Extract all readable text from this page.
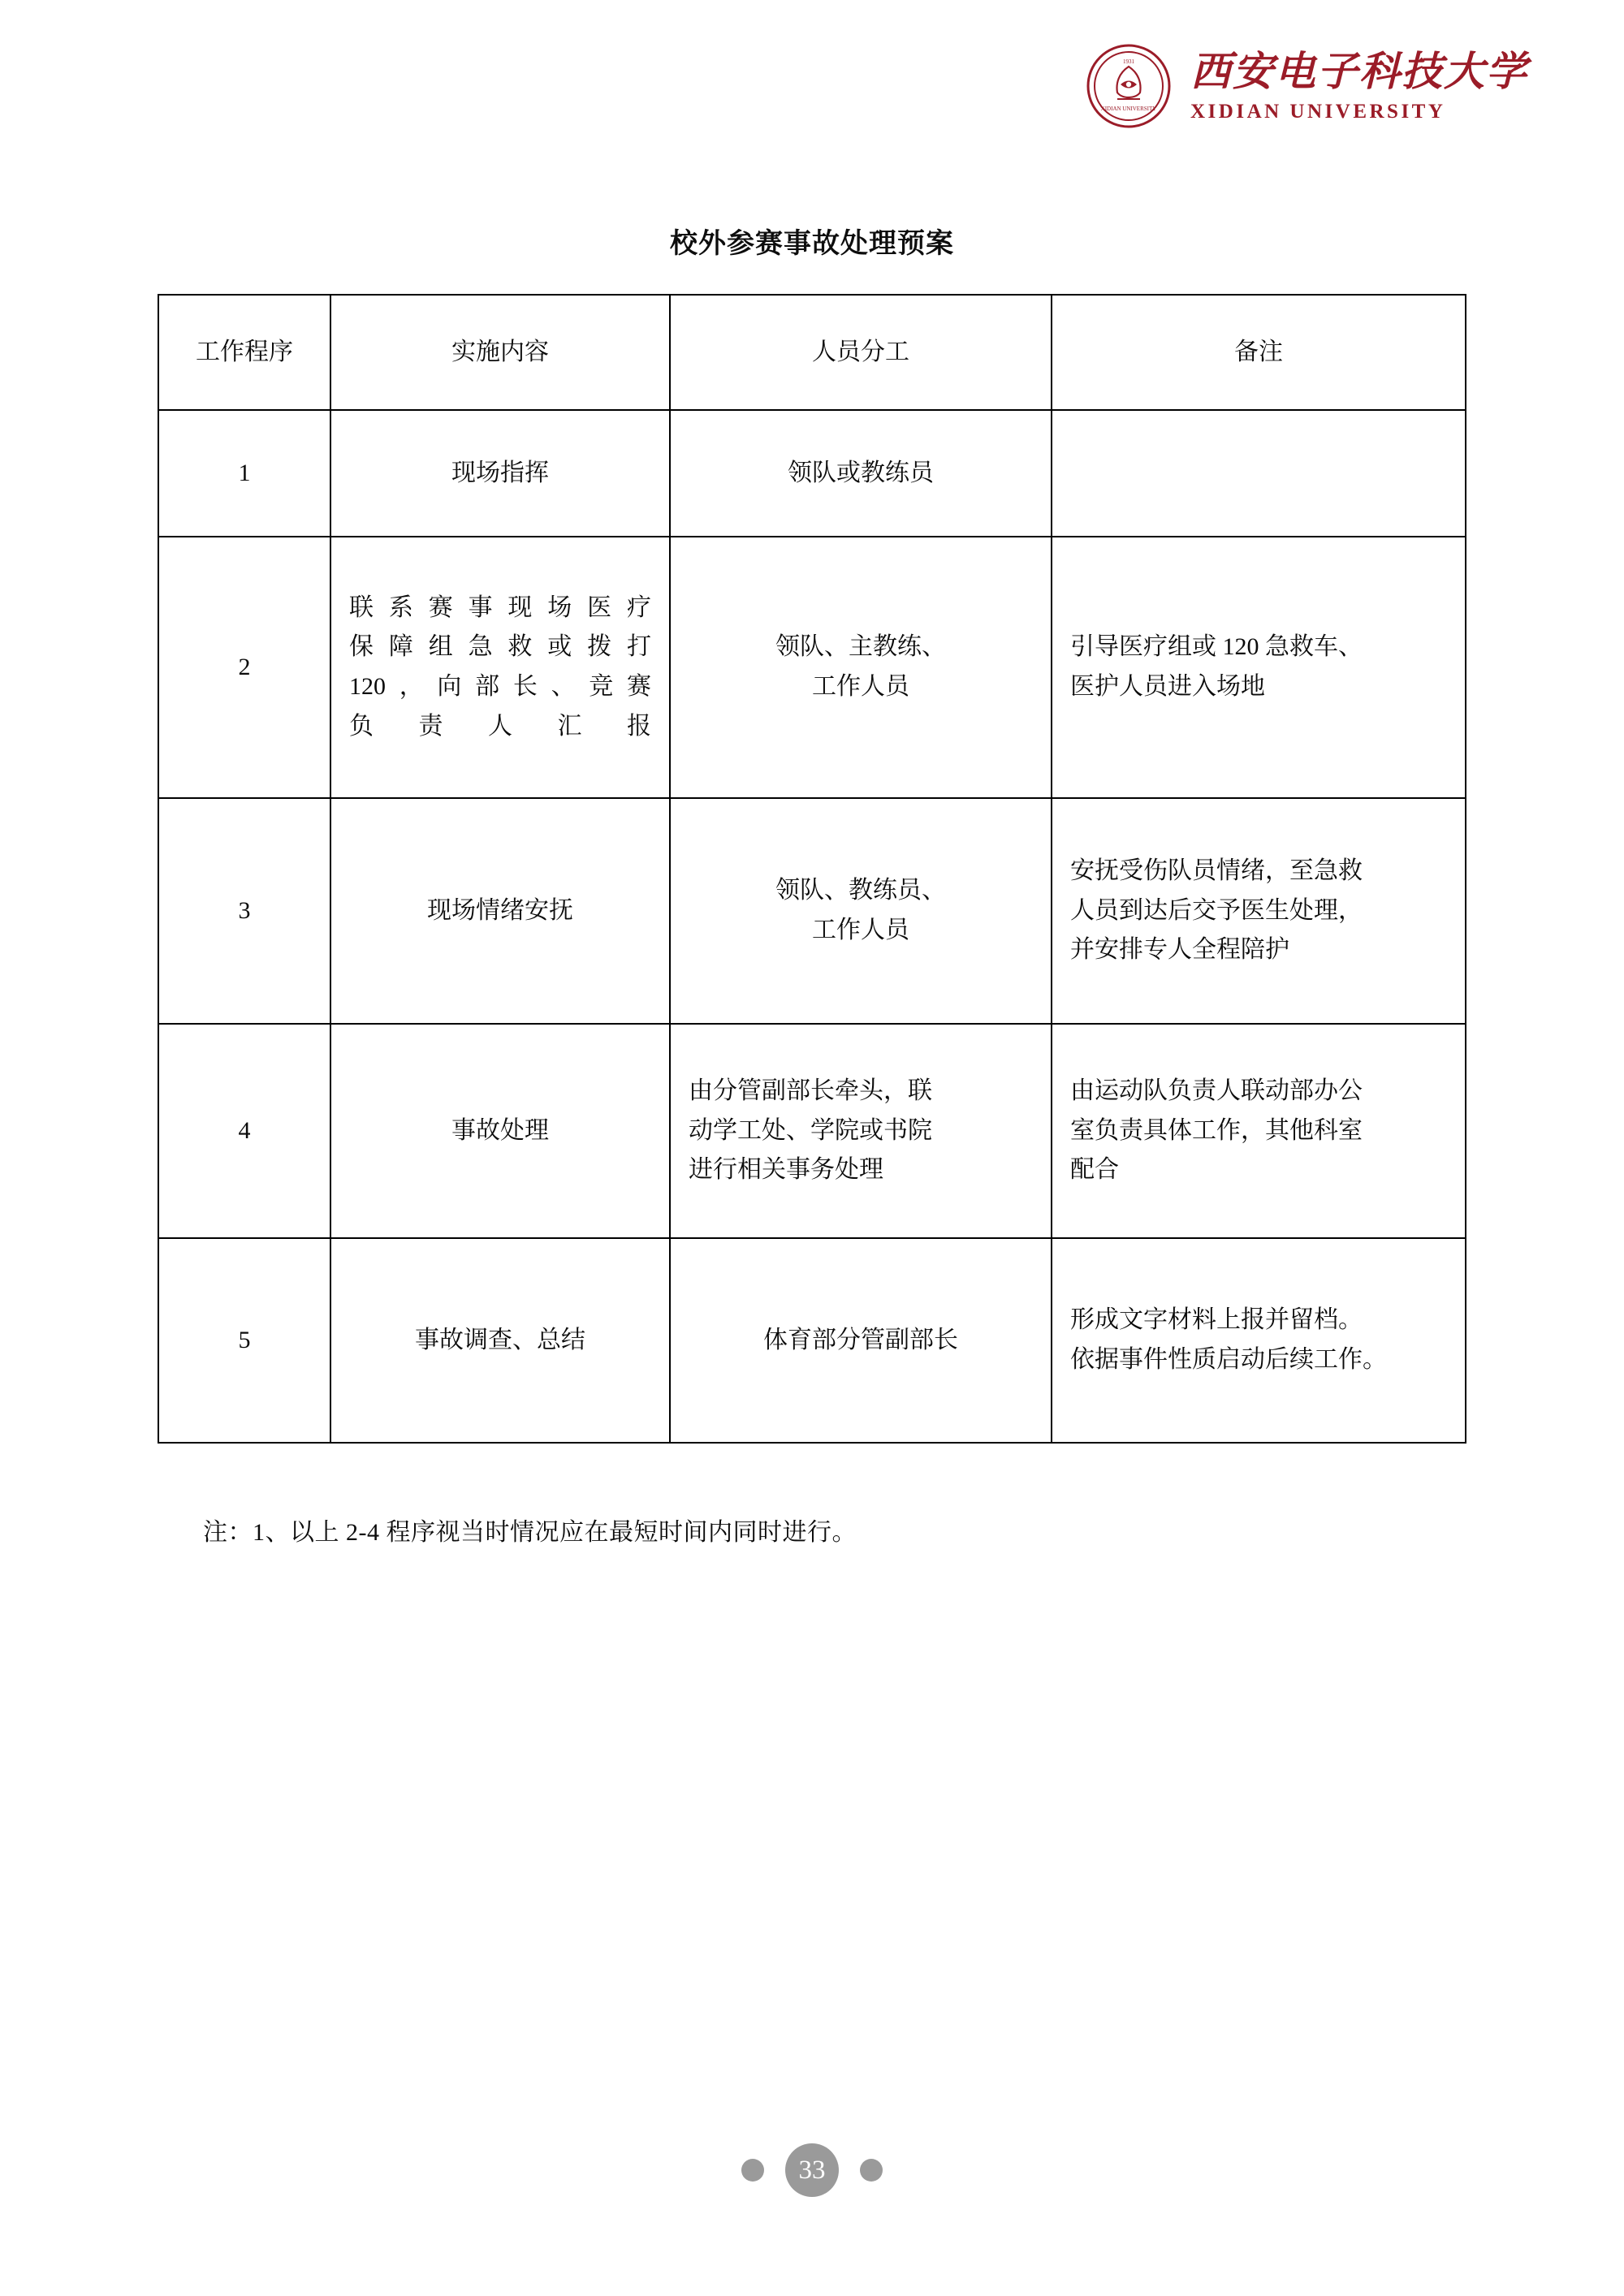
XIDIAN UNIVERSITY
1931 西安电子科技大学
XIDIAN UNIVERSITY
校外参赛事故处理预案
工作程序	实施内容	人员分工	备注
1	现场指挥	领队或教练员	

2	联系赛事现场医疗
保障组急救或拨打
120，向部长、竞赛
负责人汇报	领队、主教练、
工作人员	引导医疗组或 120 急救车、
医护人员进入场地

3	现场情绪安抚	领队、教练员、
工作人员	安抚受伤队员情绪，至急救
人员到达后交予医生处理，
并安排专人全程陪护

4	事故处理	由分管副部长牵头，联
动学工处、学院或书院
进行相关事务处理	由运动队负责人联动部办公
室负责具体工作，其他科室
配合

5	事故调查、总结	体育部分管副部长	形成文字材料上报并留档。
依据事件性质启动后续工作。
注：1、以上 2-4 程序视当时情况应在最短时间内同时进行。
33
